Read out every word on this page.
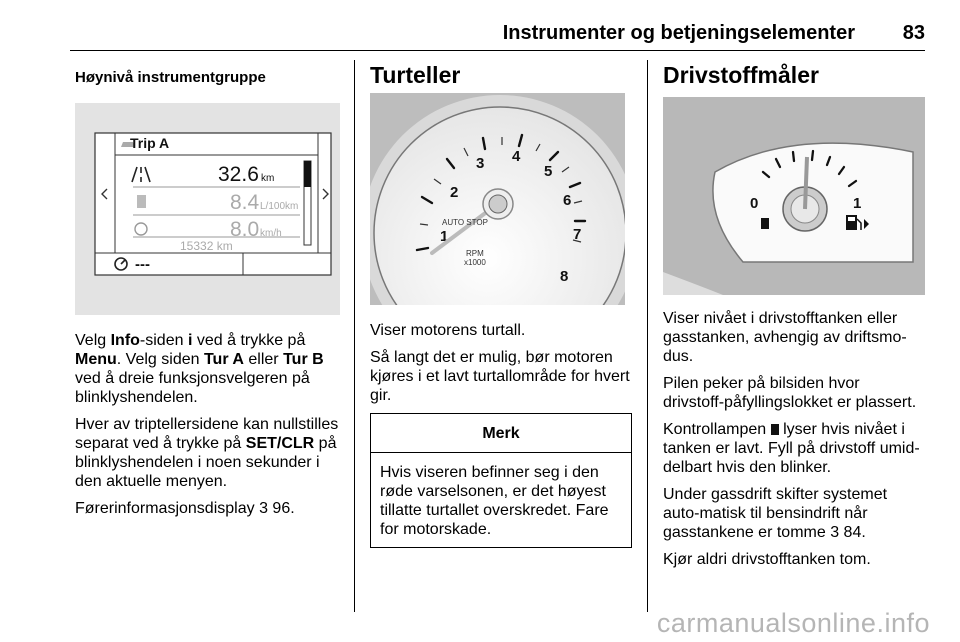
Instrumenter og betjeningselementer 83
Høynivå instrumentgruppe
Trip A
32.6 km
8.4 L/100km
8.0 km/h
15332 km
---

Velg Info-siden i ved å trykke på Menu. Velg siden Tur A eller Tur B ved å dreie funksjonsvelgeren på blinklyshendelen.

Hver av triptellersidene kan nullstilles separat ved å trykke på SET/CLR på blinklyshendelen i noen sekunder i den aktuelle menyen.

Førerinformasjonsdisplay 3 96.

Turteller
1
2
3 4
5
6
7
8
AUTO STOP
RPM
x1000

Viser motorens turtall.

Så langt det er mulig, bør motoren kjøres i et lavt turtallområde for hvert gir.

Merk
Hvis viseren befinner seg i den røde varselsonen, er det høyest tillatte turtallet overskredet. Fare for motorskade.
Drivstoffmåler
0	1

Viser nivået i drivstofftanken eller gasstanken, avhengig av driftsmo-dus.

Pilen peker på bilsiden hvor drivstoff-påfyllingslokket er plassert.

Kontrollampen  lyser hvis nivået i tanken er lavt. Fyll på drivstoff umid-delbart hvis den blinker.

Under gassdrift skifter systemet auto-matisk til bensindrift når gasstankene er tomme 3 84.

Kjør aldri drivstofftanken tom.

carmanualsonline.info
